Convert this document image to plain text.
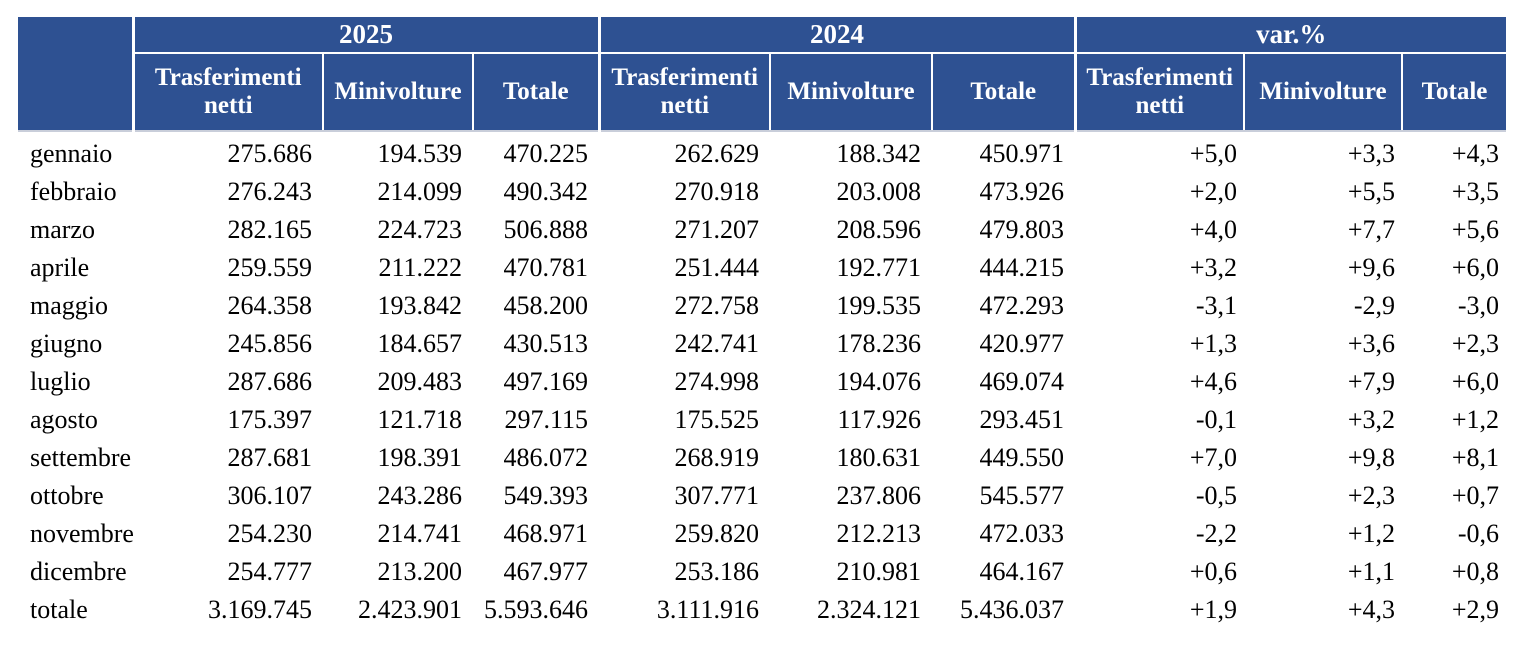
	2025			2024			var.%		
	Trasferimenti netti	Minivolture	Totale	Trasferimenti netti	Minivolture	Totale	Trasferimenti netti	Minivolture	Totale
gennaio	275.686	194.539	470.225	262.629	188.342	450.971	+5,0	+3,3	+4,3
febbraio	276.243	214.099	490.342	270.918	203.008	473.926	+2,0	+5,5	+3,5
marzo	282.165	224.723	506.888	271.207	208.596	479.803	+4,0	+7,7	+5,6
aprile	259.559	211.222	470.781	251.444	192.771	444.215	+3,2	+9,6	+6,0
maggio	264.358	193.842	458.200	272.758	199.535	472.293	-3,1	-2,9	-3,0
giugno	245.856	184.657	430.513	242.741	178.236	420.977	+1,3	+3,6	+2,3
luglio	287.686	209.483	497.169	274.998	194.076	469.074	+4,6	+7,9	+6,0
agosto	175.397	121.718	297.115	175.525	117.926	293.451	-0,1	+3,2	+1,2
settembre	287.681	198.391	486.072	268.919	180.631	449.550	+7,0	+9,8	+8,1
ottobre	306.107	243.286	549.393	307.771	237.806	545.577	-0,5	+2,3	+0,7
novembre	254.230	214.741	468.971	259.820	212.213	472.033	-2,2	+1,2	-0,6
dicembre	254.777	213.200	467.977	253.186	210.981	464.167	+0,6	+1,1	+0,8
totale	3.169.745	2.423.901	5.593.646	3.111.916	2.324.121	5.436.037	+1,9	+4,3	+2,9
